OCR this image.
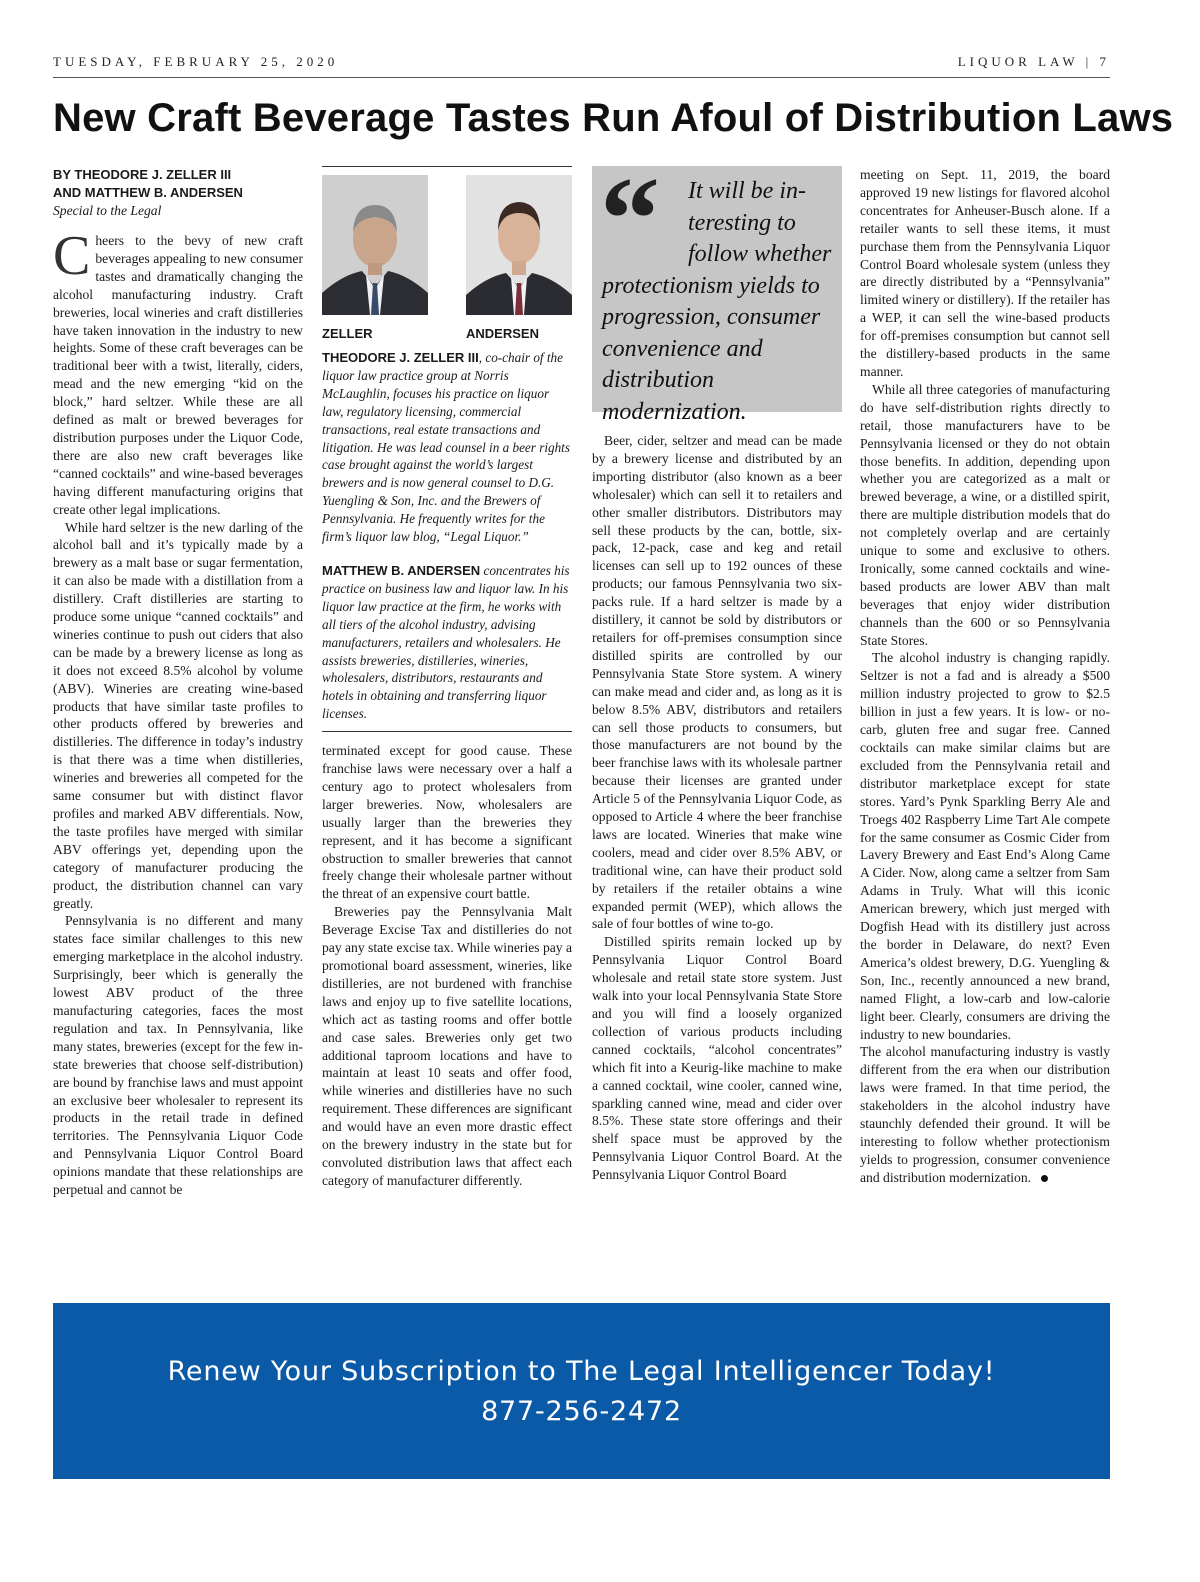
TUESDAY, FEBRUARY 25, 2020	LIQUOR LAW | 7
New Craft Beverage Tastes Run Afoul of Distribution Laws
BY THEODORE J. ZELLER III
AND MATTHEW B. ANDERSEN
Special to the Legal

Cheers to the bevy of new craft beverages appealing to new consumer tastes and dramatically changing the alcohol manufacturing industry. Craft breweries, local wineries and craft distilleries have taken innovation in the industry to new heights. Some of these craft beverages can be traditional beer with a twist, literally, ciders, mead and the new emerging “kid on the block,” hard seltzer. While these are all defined as malt or brewed beverages for distribution purposes under the Liquor Code, there are also new craft beverages like “canned cocktails” and wine-based beverages having different manufacturing origins that create other legal implications.

While hard seltzer is the new darling of the alcohol ball and it’s typically made by a brewery as a malt base or sugar fermentation, it can also be made with a distillation from a distillery. Craft distilleries are starting to produce some unique “canned cocktails” and wineries continue to push out ciders that also can be made by a brewery license as long as it does not exceed 8.5% alcohol by volume (ABV). Wineries are creating wine-based products that have similar taste profiles to other products offered by breweries and distilleries. The difference in today’s industry is that there was a time when distilleries, wineries and breweries all competed for the same consumer but with distinct flavor profiles and marked ABV differentials. Now, the taste profiles have merged with similar ABV offerings yet, depending upon the category of manufacturer producing the product, the distribution channel can vary greatly.

Pennsylvania is no different and many states face similar challenges to this new emerging marketplace in the alcohol industry. Surprisingly, beer which is generally the lowest ABV product of the three manufacturing categories, faces the most regulation and tax. In Pennsylvania, like many states, breweries (except for the few in-state breweries that choose self-distribution) are bound by franchise laws and must appoint an exclusive beer wholesaler to represent its products in the retail trade in defined territories. The Pennsylvania Liquor Code and Pennsylvania Liquor Control Board opinions mandate that these relationships are perpetual and cannot be

ZELLER	ANDERSEN
THEODORE J. ZELLER III, co-chair of the liquor law practice group at Norris McLaughlin, focuses his practice on liquor law, regulatory licensing, commercial transactions, real estate transactions and litigation. He was lead counsel in a beer rights case brought against the world’s largest brewers and is now general counsel to D.G. Yuengling & Son, Inc. and the Brewers of Pennsylvania. He frequently writes for the firm’s liquor law blog, “Legal Liquor.”
MATTHEW B. ANDERSEN concentrates his practice on business law and liquor law. In his liquor law practice at the firm, he works with all tiers of the alcohol industry, advising manufacturers, retailers and wholesalers. He assists breweries, distilleries, wineries, wholesalers, distributors, restaurants and hotels in obtaining and transferring liquor licenses.

terminated except for good cause. These franchise laws were necessary over a half a century ago to protect wholesalers from larger breweries. Now, wholesalers are usually larger than the breweries they represent, and it has become a significant obstruction to smaller breweries that cannot freely change their wholesale partner without the threat of an expensive court battle.

Breweries pay the Pennsylvania Malt Beverage Excise Tax and distilleries do not pay any state excise tax. While wineries pay a promotional board assessment, wineries, like distilleries, are not burdened with franchise laws and enjoy up to five satellite locations, which act as tasting rooms and offer bottle and case sales. Breweries only get two additional taproom locations and have to maintain at least 10 seats and offer food, while wineries and distilleries have no such requirement. These differences are significant and would have an even more drastic effect on the brewery industry in the state but for convoluted distribution laws that affect each category of manufacturer differently.

“	It will be in-
teresting to
follow whether
protectionism yields to progression, consumer convenience and distribution modernization.

Beer, cider, seltzer and mead can be made by a brewery license and distributed by an importing distributor (also known as a beer wholesaler) which can sell it to retailers and other smaller distributors. Distributors may sell these products by the can, bottle, six-pack, 12-pack, case and keg and retail licenses can sell up to 192 ounces of these products; our famous Pennsylvania two six-packs rule. If a hard seltzer is made by a distillery, it cannot be sold by distributors or retailers for off-premises consumption since distilled spirits are controlled by our Pennsylvania State Store system. A winery can make mead and cider and, as long as it is below 8.5% ABV, distributors and retailers can sell those products to consumers, but those manufacturers are not bound by the beer franchise laws with its wholesale partner because their licenses are granted under Article 5 of the Pennsylvania Liquor Code, as opposed to Article 4 where the beer franchise laws are located. Wineries that make wine coolers, mead and cider over 8.5% ABV, or traditional wine, can have their product sold by retailers if the retailer obtains a wine expanded permit (WEP), which allows the sale of four bottles of wine to-go.

Distilled spirits remain locked up by Pennsylvania Liquor Control Board wholesale and retail state store system. Just walk into your local Pennsylvania State Store and you will find a loosely organized collection of various products including canned cocktails, “alcohol concentrates” which fit into a Keurig-like machine to make a canned cocktail, wine cooler, canned wine, sparkling canned wine, mead and cider over 8.5%. These state store offerings and their shelf space must be approved by the Pennsylvania Liquor Control Board. At the Pennsylvania Liquor Control Board

meeting on Sept. 11, 2019, the board approved 19 new listings for flavored alcohol concentrates for Anheuser-Busch alone. If a retailer wants to sell these items, it must purchase them from the Pennsylvania Liquor Control Board wholesale system (unless they are directly distributed by a “Pennsylvania” limited winery or distillery). If the retailer has a WEP, it can sell the wine-based products for off-premises consumption but cannot sell the distillery-based products in the same manner.

While all three categories of manufacturing do have self-distribution rights directly to retail, those manufacturers have to be Pennsylvania licensed or they do not obtain those benefits. In addition, depending upon whether you are categorized as a malt or brewed beverage, a wine, or a distilled spirit, there are multiple distribution models that do not completely overlap and are certainly unique to some and exclusive to others. Ironically, some canned cocktails and wine-based products are lower ABV than malt beverages that enjoy wider distribution channels than the 600 or so Pennsylvania State Stores.

The alcohol industry is changing rapidly. Seltzer is not a fad and is already a $500 million industry projected to grow to $2.5 billion in just a few years. It is low- or no-carb, gluten free and sugar free. Canned cocktails can make similar claims but are excluded from the Pennsylvania retail and distributor marketplace except for state stores. Yard’s Pynk Sparkling Berry Ale and Troegs 402 Raspberry Lime Tart Ale compete for the same consumer as Cosmic Cider from Lavery Brewery and East End’s Along Came A Cider. Now, along came a seltzer from Sam Adams in Truly. What will this iconic American brewery, which just merged with Dogfish Head with its distillery just across the border in Delaware, do next? Even America’s oldest brewery, D.G. Yuengling & Son, Inc., recently announced a new brand, named Flight, a low-carb and low-calorie light beer. Clearly, consumers are driving the industry to new boundaries.

The alcohol manufacturing industry is vastly different from the era when our distribution laws were framed. In that time period, the stakeholders in the alcohol industry have staunchly defended their ground. It will be interesting to follow whether protectionism yields to progression, consumer convenience and distribution modernization.

Renew Your Subscription to The Legal Intelligencer Today!
877-256-2472
